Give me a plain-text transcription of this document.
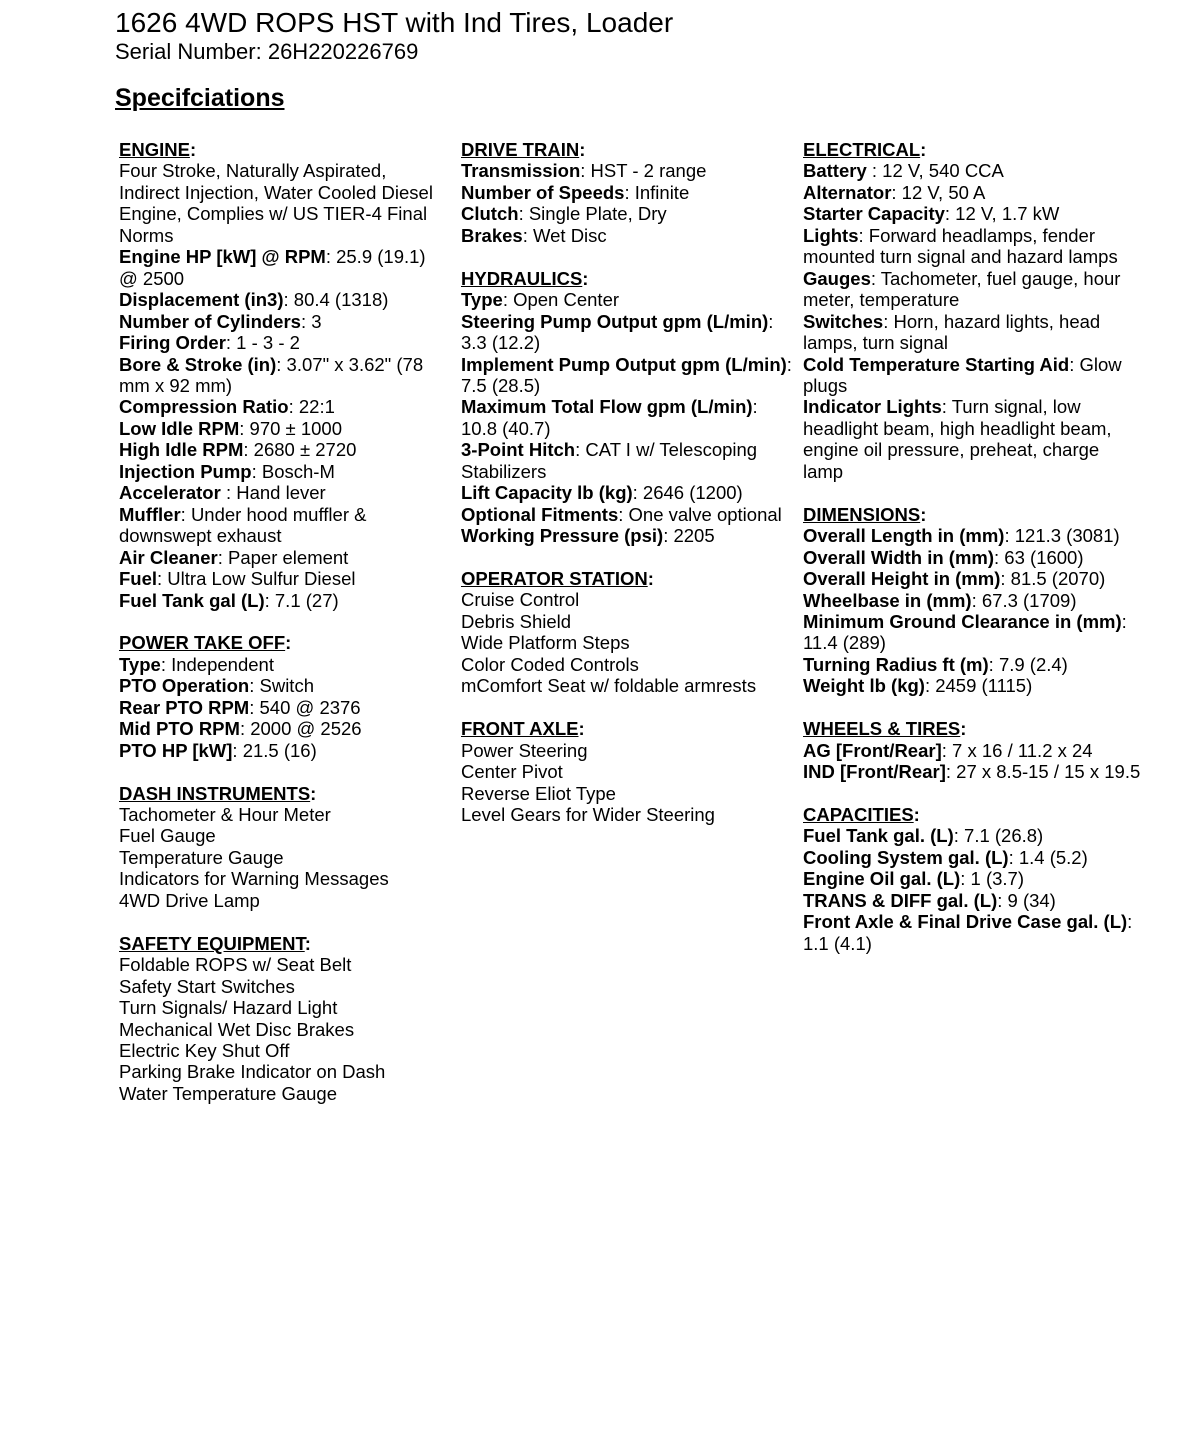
1626 4WD ROPS HST with Ind Tires, Loader
Serial Number: 26H220226769
Specifciations
ENGINE:
Four Stroke, Naturally Aspirated, Indirect Injection, Water Cooled Diesel Engine, Complies w/ US TIER-4 Final Norms
Engine HP [kW] @ RPM: 25.9 (19.1) @ 2500
Displacement (in3): 80.4 (1318)
Number of Cylinders: 3
Firing Order: 1 - 3 - 2
Bore & Stroke (in): 3.07" x 3.62" (78 mm x 92 mm)
Compression Ratio: 22:1
Low Idle RPM: 970 ± 1000
High Idle RPM: 2680 ± 2720
Injection Pump: Bosch-M
Accelerator : Hand lever
Muffler: Under hood muffler & downswept exhaust
Air Cleaner: Paper element
Fuel: Ultra Low Sulfur Diesel
Fuel Tank gal (L): 7.1 (27)
POWER TAKE OFF:
Type: Independent
PTO Operation: Switch
Rear PTO RPM: 540 @ 2376
Mid PTO RPM: 2000 @ 2526
PTO HP [kW]: 21.5 (16)
DASH INSTRUMENTS:
Tachometer & Hour Meter
Fuel Gauge
Temperature Gauge
Indicators for Warning Messages
4WD Drive Lamp
SAFETY EQUIPMENT:
Foldable ROPS w/ Seat Belt
Safety Start Switches
Turn Signals/ Hazard Light
Mechanical Wet Disc Brakes
Electric Key Shut Off
Parking Brake Indicator on Dash
Water Temperature Gauge
DRIVE TRAIN:
Transmission: HST - 2 range
Number of Speeds: Infinite
Clutch: Single Plate, Dry
Brakes: Wet Disc
HYDRAULICS:
Type: Open Center
Steering Pump Output gpm (L/min): 3.3 (12.2)
Implement Pump Output gpm (L/min): 7.5 (28.5)
Maximum Total Flow gpm (L/min): 10.8 (40.7)
3-Point Hitch: CAT I w/ Telescoping Stabilizers
Lift Capacity lb (kg): 2646 (1200)
Optional Fitments: One valve optional
Working Pressure (psi): 2205
OPERATOR STATION:
Cruise Control
Debris Shield
Wide Platform Steps
Color Coded Controls
mComfort Seat w/ foldable armrests
FRONT AXLE:
Power Steering
Center Pivot
Reverse Eliot Type
Level Gears for Wider Steering
ELECTRICAL:
Battery : 12 V, 540 CCA
Alternator: 12 V, 50 A
Starter Capacity: 12 V, 1.7 kW
Lights: Forward headlamps, fender mounted turn signal and hazard lamps
Gauges: Tachometer, fuel gauge, hour meter, temperature
Switches: Horn, hazard lights, head lamps, turn signal
Cold Temperature Starting Aid: Glow plugs
Indicator Lights: Turn signal, low headlight beam, high headlight beam, engine oil pressure, preheat, charge lamp
DIMENSIONS:
Overall Length in (mm): 121.3 (3081)
Overall Width in (mm): 63 (1600)
Overall Height in (mm): 81.5 (2070)
Wheelbase in (mm): 67.3 (1709)
Minimum Ground Clearance in (mm): 11.4 (289)
Turning Radius ft (m): 7.9 (2.4)
Weight lb (kg): 2459 (1115)
WHEELS & TIRES:
AG [Front/Rear]: 7 x 16 / 11.2 x 24
IND [Front/Rear]: 27 x 8.5-15 / 15 x 19.5
CAPACITIES:
Fuel Tank gal. (L): 7.1 (26.8)
Cooling System gal. (L): 1.4 (5.2)
Engine Oil gal. (L): 1 (3.7)
TRANS & DIFF gal. (L): 9 (34)
Front Axle & Final Drive Case gal. (L): 1.1 (4.1)
